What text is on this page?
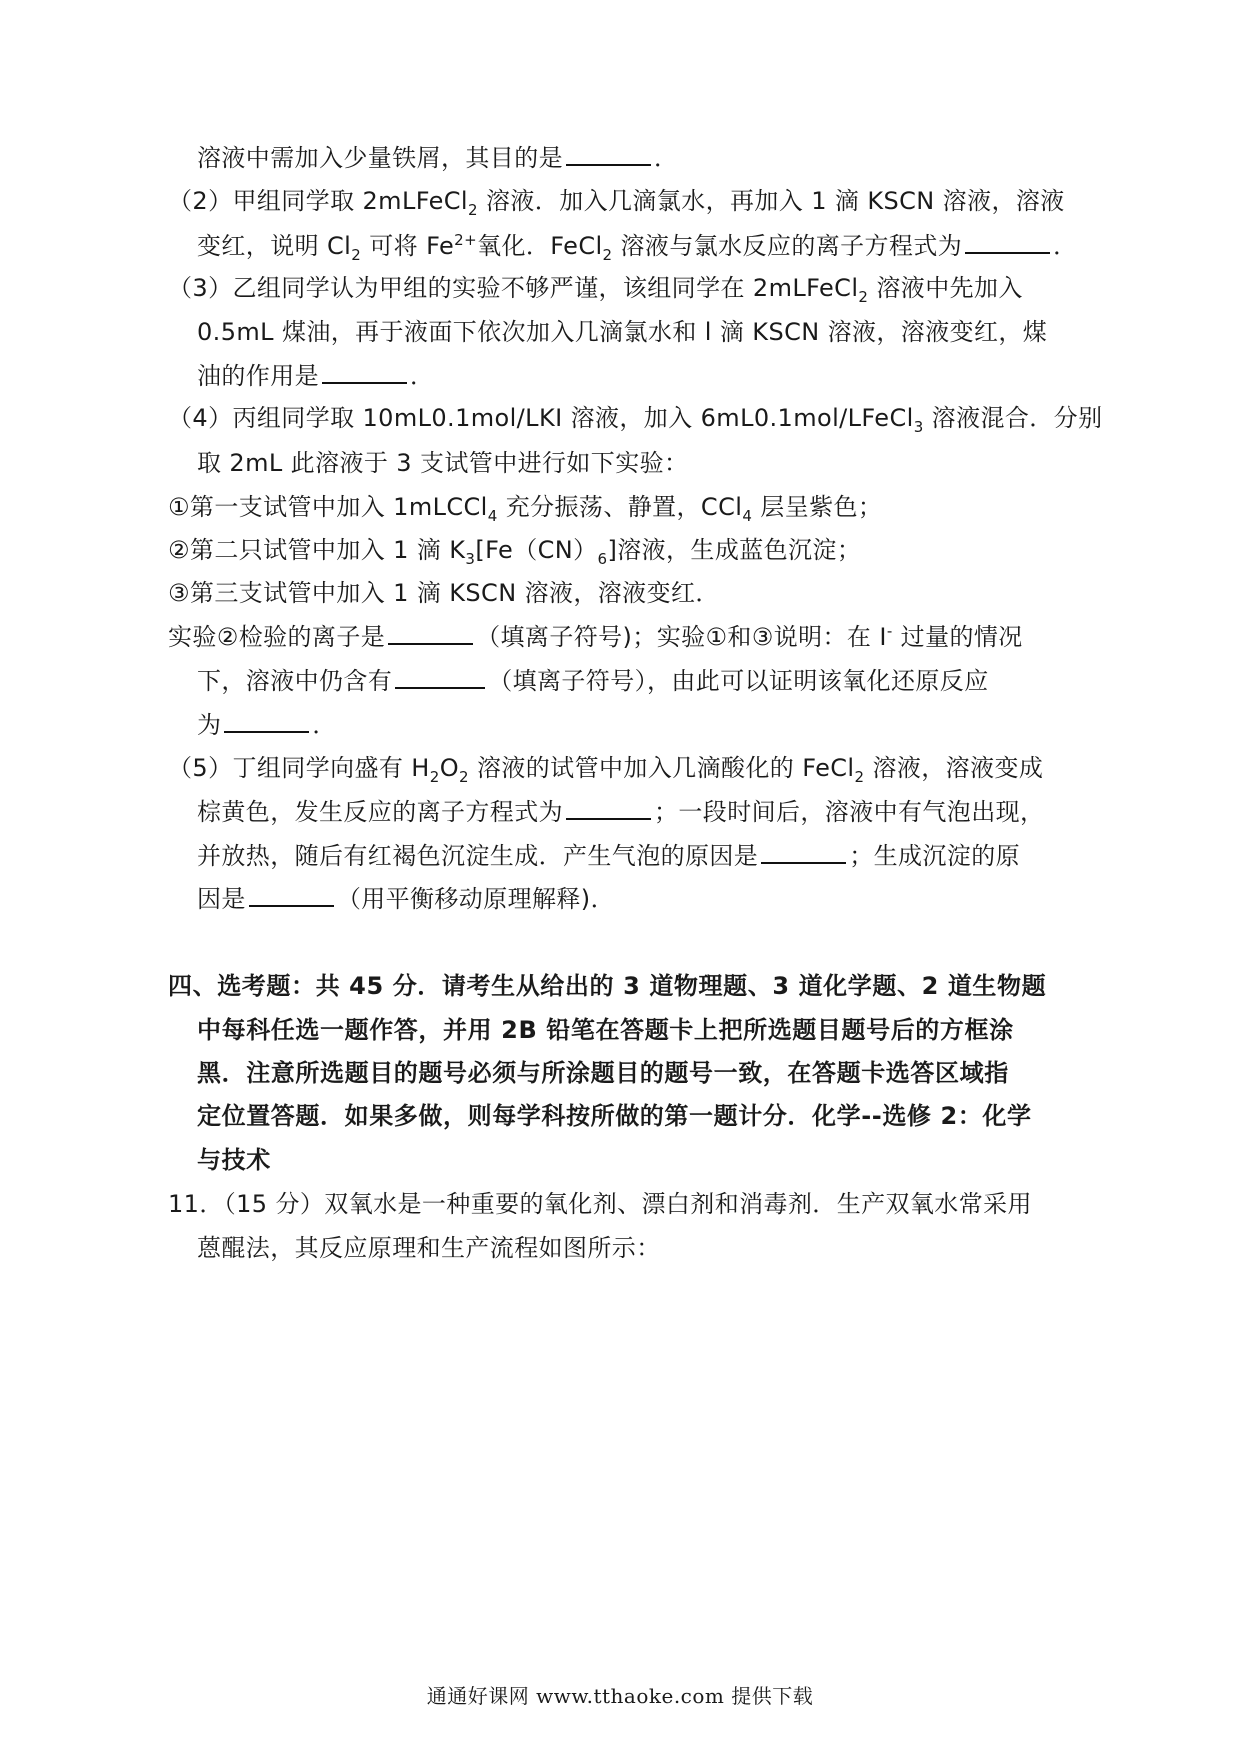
溶液中需加入少量铁屑，其目的是	．
（2）甲组同学取 2mLFeCl$_2$ 溶液．加入几滴氯水，再加入 1 滴 KSCN 溶液，溶液
变红，说明 $Cl_2$ 可将 $Fe^{2+}$氧化．FeCl$_2$ 溶液与氯水反应的离子方程式为	．
（3）乙组同学认为甲组的实验不够严谨，该组同学在 2mLFeCl$_2$ 溶液中先加入
0.5mL 煤油，再于液面下依次加入几滴氯水和 l 滴 KSCN 溶液，溶液变红，煤
油的作用是	．
（4）丙组同学取 10mL0.1mol/LKI 溶液，加入 6mL0.1mol/LFeCl$_3$ 溶液混合．分别
取 2mL 此溶液于 3 支试管中进行如下实验：
①第一支试管中加入 1mLCCl$_4$ 充分振荡、静置，CCl$_4$ 层呈紫色；
②第二只试管中加入 1 滴 $K_3[Fe(CN)_6]$溶液，生成蓝色沉淀；
③第三支试管中加入 1 滴 KSCN 溶液，溶液变红．
实验②检验的离子是	（填离子符号)；实验①和③说明：在 I- 过量的情况
下，溶液中仍含有	（填离子符号），由此可以证明该氧化还原反应
为	．
（5）丁组同学向盛有 $H_2O_2$ 溶液的试管中加入几滴酸化的 FeCl$_2$ 溶液，溶液变成
棕黄色，发生反应的离子方程式为	；一段时间后，溶液中有气泡出现，
并放热，随后有红褐色沉淀生成．产生气泡的原因是	；生成沉淀的原
因是	（用平衡移动原理解释)．
四、选考题：共 45 分．请考生从给出的 3 道物理题、3 道化学题、2 道生物题
中每科任选一题作答，并用 2B 铅笔在答题卡上把所选题目题号后的方框涂
黑．注意所选题目的题号必须与所涂题目的题号一致，在答题卡选答区域指
定位置答题．如果多做，则每学科按所做的第一题计分．化学--选修 2：化学
与技术
11．（15 分）双氧水是一种重要的氧化剂、漂白剂和消毒剂．生产双氧水常采用
蒽醌法，其反应原理和生产流程如图所示：
通通好课网 www.tthaoke.com 提供下载
